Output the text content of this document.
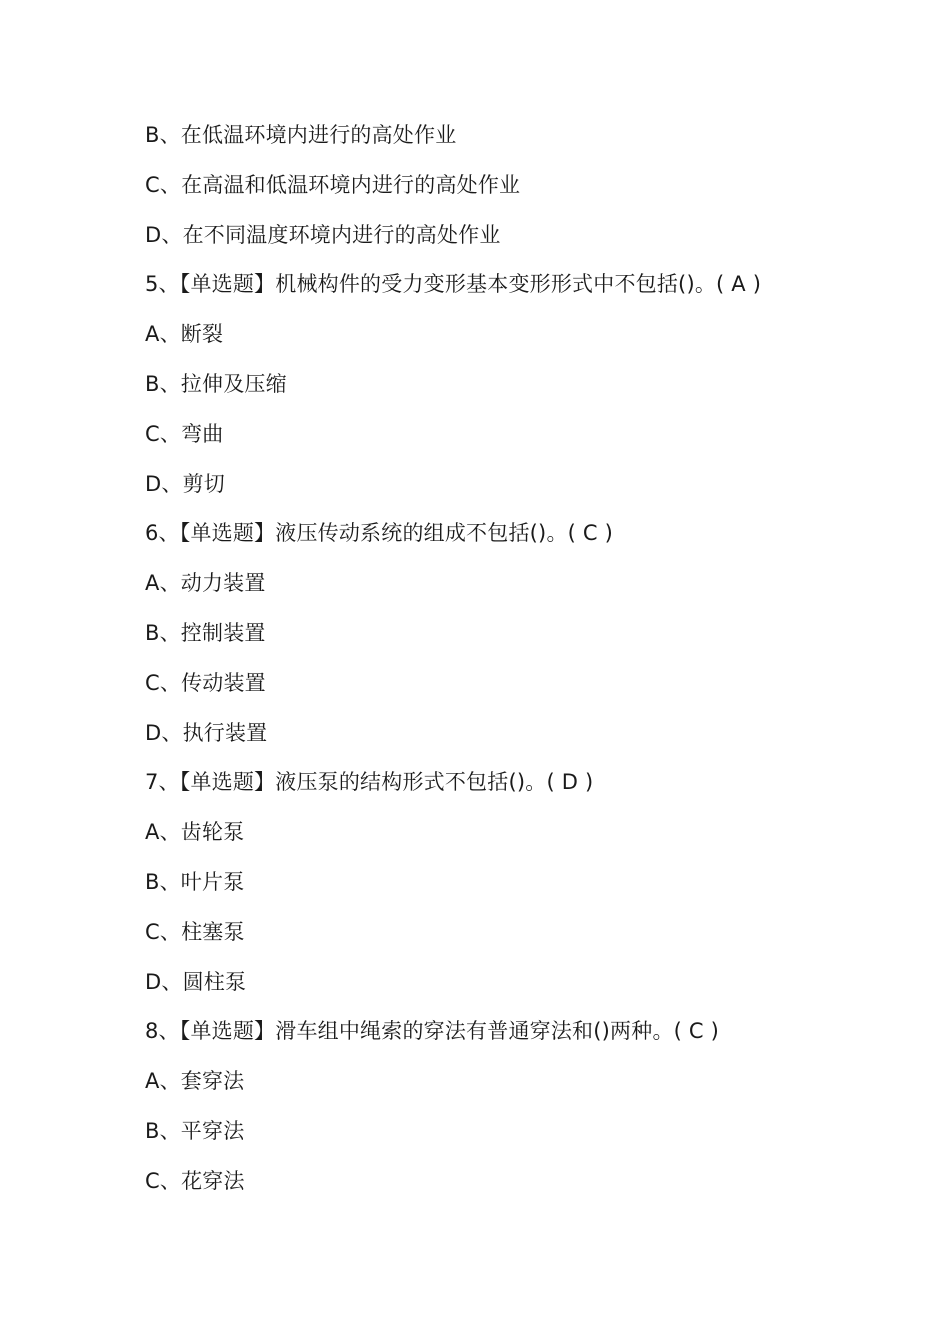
B、在低温环境内进行的高处作业
C、在高温和低温环境内进行的高处作业
D、在不同温度环境内进行的高处作业
5、【单选题】机械构件的受力变形基本变形形式中不包括()。( A )
A、断裂
B、拉伸及压缩
C、弯曲
D、剪切
6、【单选题】液压传动系统的组成不包括()。( C )
A、动力装置
B、控制装置
C、传动装置
D、执行装置
7、【单选题】液压泵的结构形式不包括()。( D )
A、齿轮泵
B、叶片泵
C、柱塞泵
D、圆柱泵
8、【单选题】滑车组中绳索的穿法有普通穿法和()两种。( C )
A、套穿法
B、平穿法
C、花穿法
